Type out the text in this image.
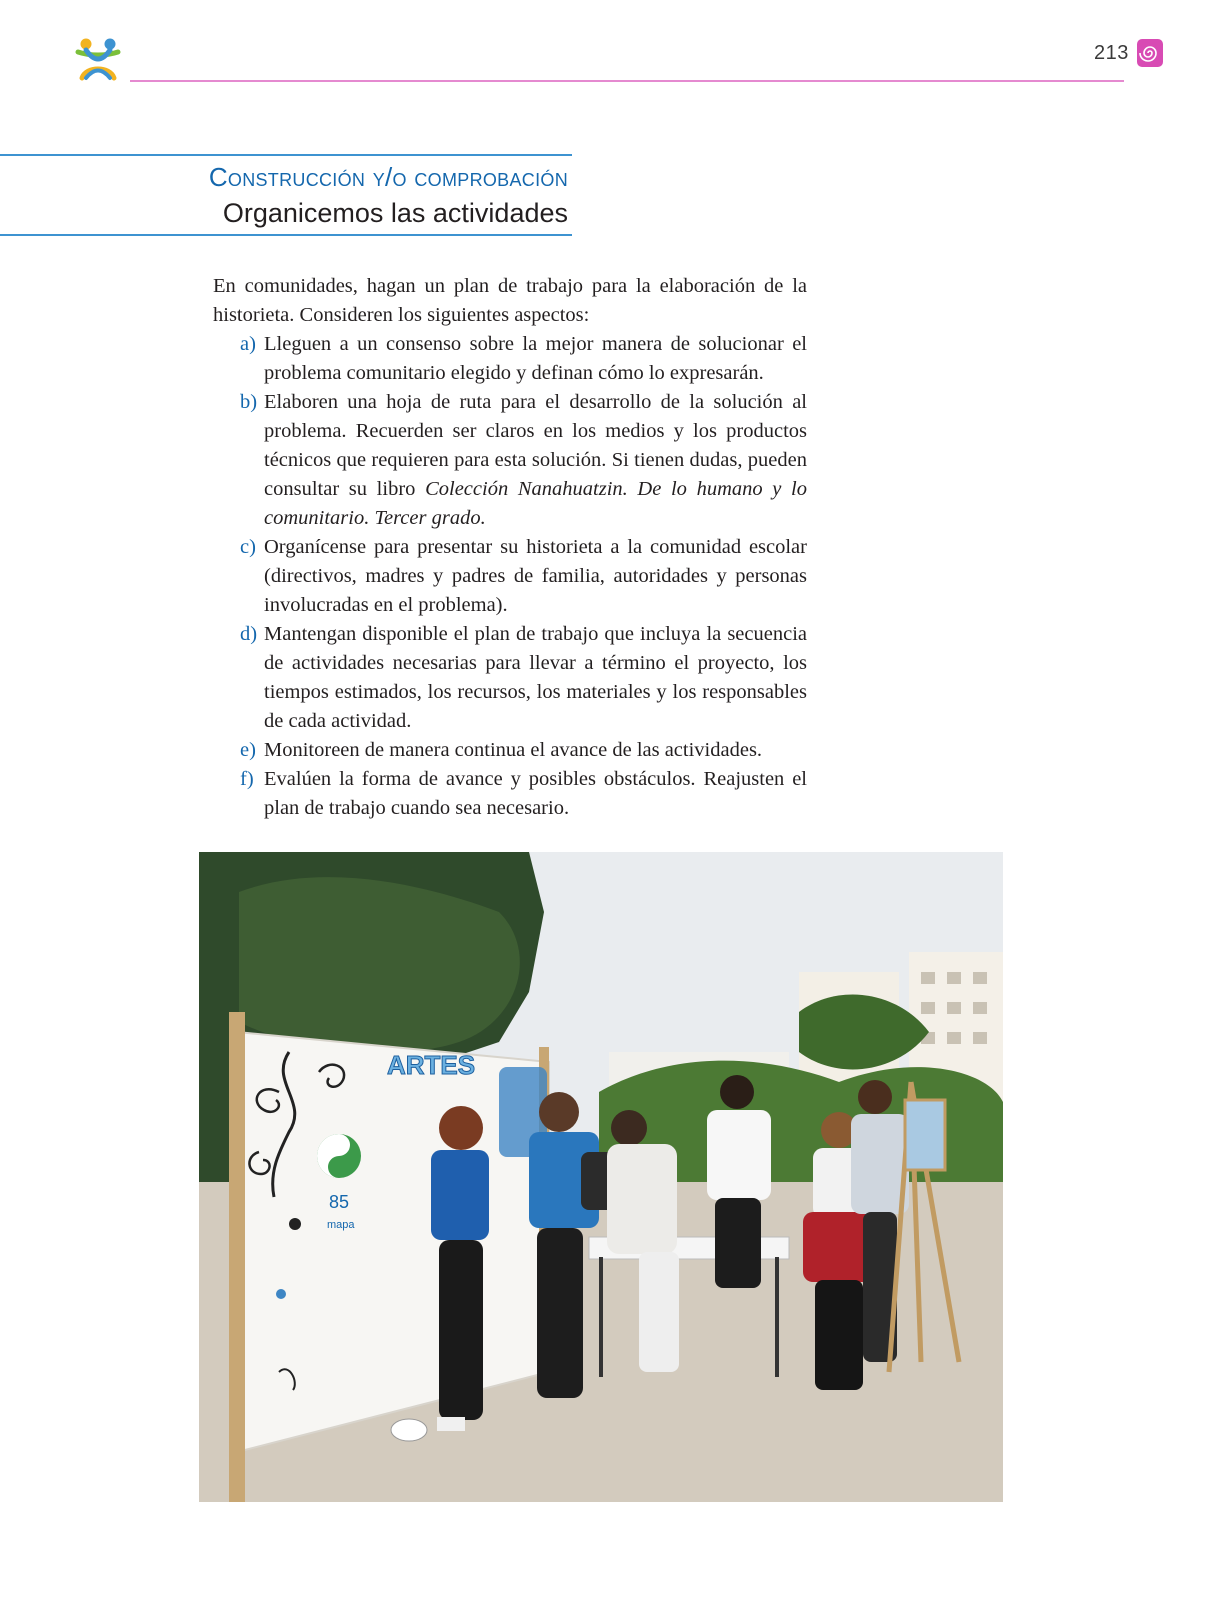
213
Construcción y/o comprobación
Organicemos las actividades

En comunidades, hagan un plan de trabajo para la elaboración de la historieta. Consideren los siguientes aspectos:

a) Lleguen a un consenso sobre la mejor manera de solucionar el problema comunitario elegido y definan cómo lo expresarán.
b) Elaboren una hoja de ruta para el desarrollo de la solución al problema. Recuerden ser claros en los medios y los productos técnicos que requieren para esta solución. Si tienen dudas, pueden consultar su libro Colección Nanahuatzin. De lo humano y lo comunitario. Tercer grado.
c) Organícense para presentar su historieta a la comunidad escolar (directivos, madres y padres de familia, autoridades y personas involucradas en el problema).
d) Mantengan disponible el plan de trabajo que incluya la secuencia de actividades necesarias para llevar a término el proyecto, los tiempos estimados, los recursos, los materiales y los responsables de cada actividad.
e) Monitoreen de manera continua el avance de las actividades.
f) Evalúen la forma de avance y posibles obstáculos. Reajusten el plan de trabajo cuando sea necesario.
85
mapa
ARTES
